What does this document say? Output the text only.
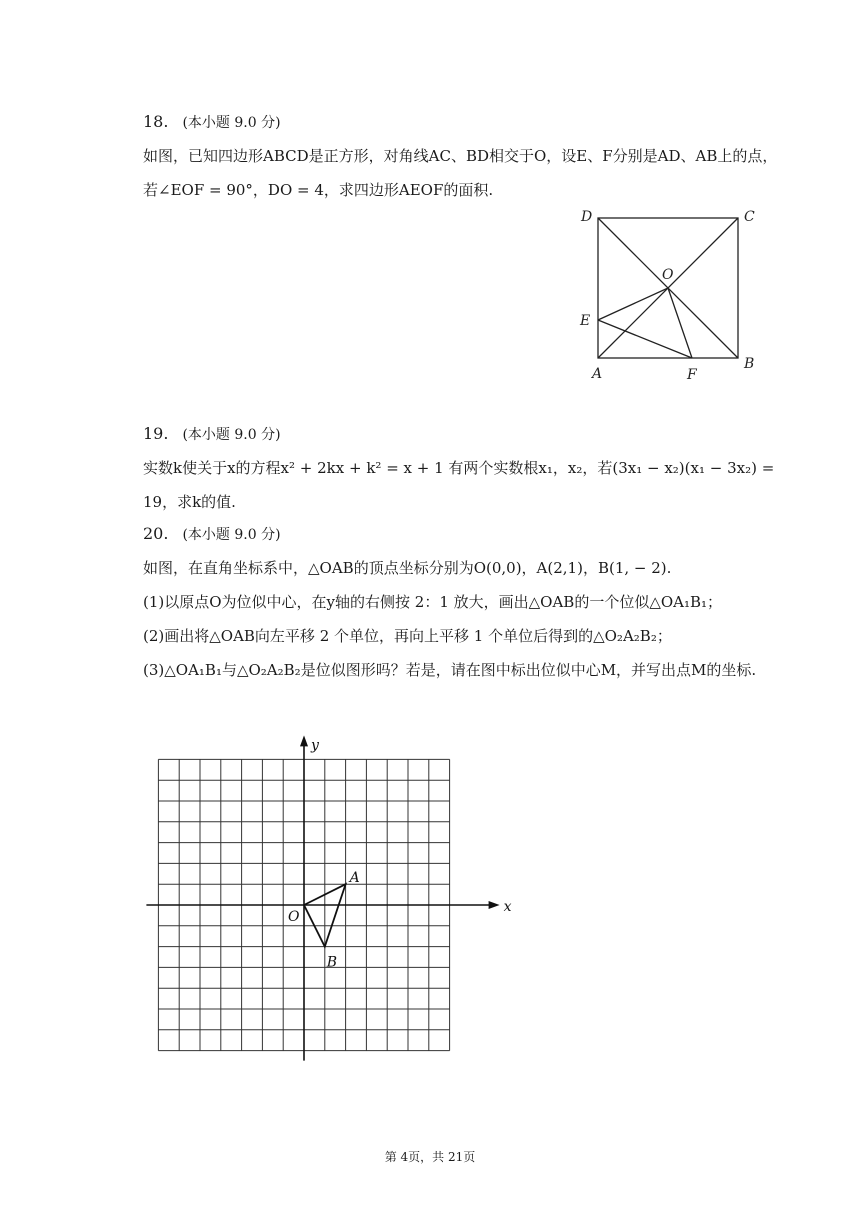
18. (本小题 9.0 分)
如图，已知四边形ABCD是正方形，对角线AC、BD相交于O，设E、F分别是AD、AB上的点，
若∠EOF = 90°，DO = 4，求四边形AEOF的面积.
D	C
O
E
A	F
B
19. (本小题 9.0 分)
实数k使关于x的方程x² + 2kx + k² = x + 1 有两个实数根x₁，x₂，若(3x₁ − x₂)(x₁ − 3x₂) =
19，求k的值.
20. (本小题 9.0 分)
如图，在直角坐标系中，△OAB的顶点坐标分别为O(0,0)，A(2,1)，B(1, − 2).
(1)以原点O为位似中心，在y轴的右侧按 2：1 放大，画出△OAB的一个位似△OA₁B₁；
(2)画出将△OAB向左平移 2 个单位，再向上平移 1 个单位后得到的△O₂A₂B₂；
(3)△OA₁B₁与△O₂A₂B₂是位似图形吗？若是，请在图中标出位似中心M，并写出点M的坐标.
y
x
O
A
B
第 4页，共 21页
